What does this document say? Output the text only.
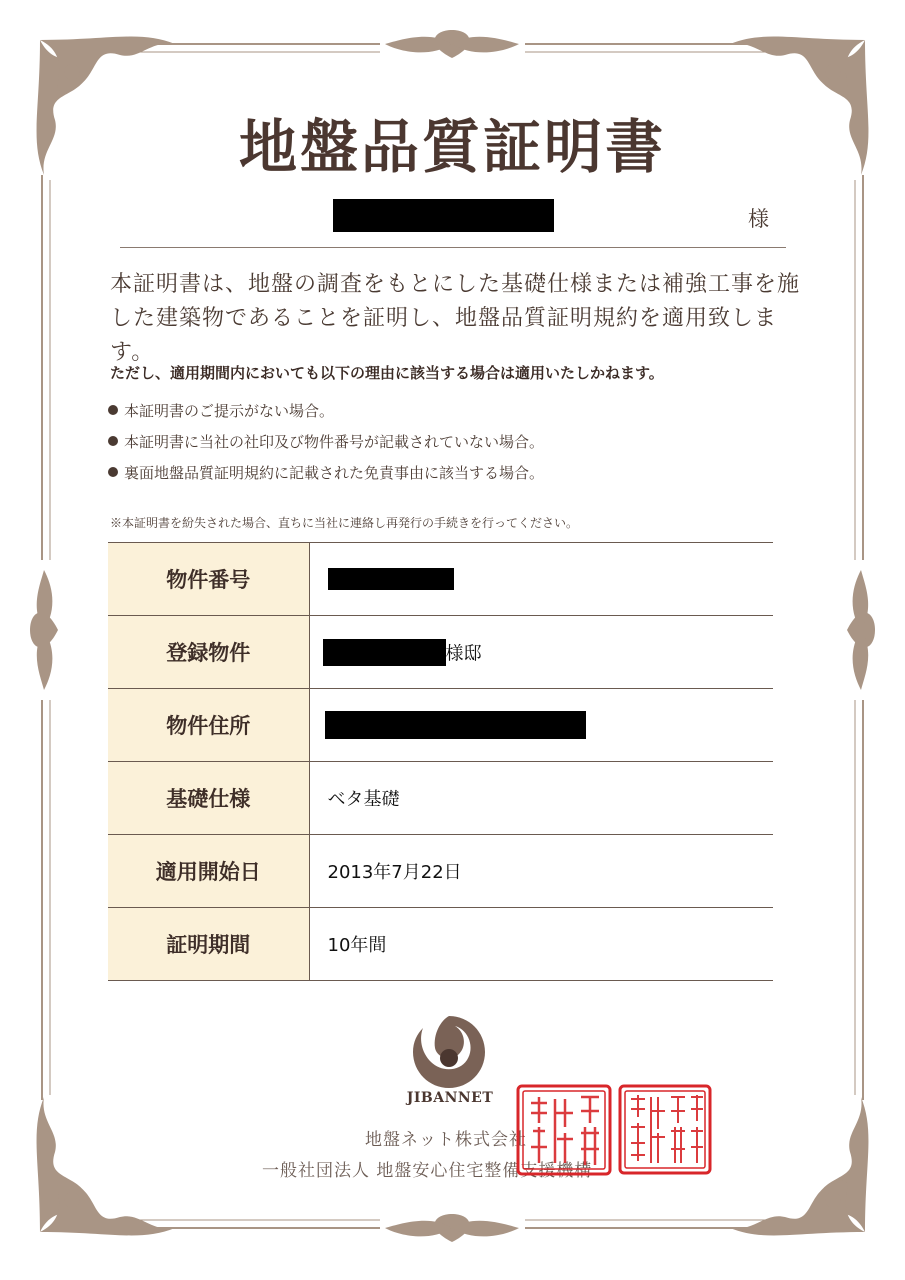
地盤品質証明書
様

本証明書は、地盤の調査をもとにした基礎仕様または補強工事を施した建築物であることを証明し、地盤品質証明規約を適用致します。

ただし、適用期間内においても以下の理由に該当する場合は適用いたしかねます。

本証明書のご提示がない場合。
本証明書に当社の社印及び物件番号が記載されていない場合。
裏面地盤品質証明規約に記載された免責事由に該当する場合。

※本証明書を紛失された場合、直ちに当社に連絡し再発行の手続きを行ってください。

物件番号	
登録物件	様邸
物件住所	
基礎仕様	ベタ基礎
適用開始日	2013年7月22日
証明期間	10年間
JIBANNET
地盤ネット株式会社
一般社団法人 地盤安心住宅整備支援機構
